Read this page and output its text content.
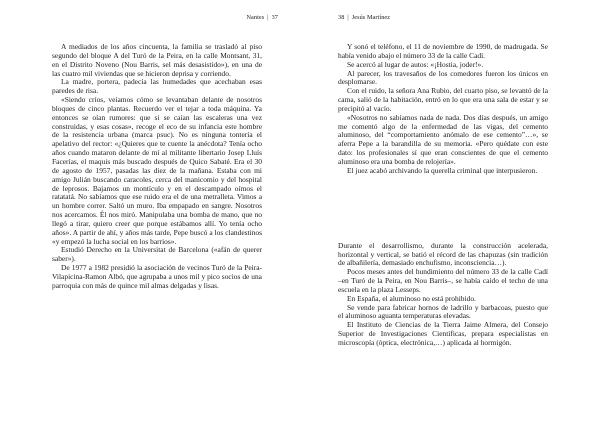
Nantes | 37

A mediados de los años cincuenta, la familia se trasladó al piso segundo del bloque A del Turó de la Peira, en la calle Montsant, 31, en el Distrito Noveno (Nou Barris, sel más desasistido»), en una de las cuatro mil viviendas que se hicieron deprisa y corriendo.

La madre, portera, padecía las humedades que acechaban esas paredes de risa.

«Siendo críos, veíamos cómo se levantaban delante de nosotros bloques de cinco plantas. Recuerdo ver el tejar a toda máquina. Ya entonces se oían rumores: que si se caían las escaleras una vez construidas, y esas cosas», recoge el eco de su infancia este hombre de la resistencia urbana (marca psuc). No es ninguna tontería el apelativo del rector: «¿Quieres que te cuente la anécdota? Tenía ocho años cuando mataron delante de mí al militante libertario Josep Lluís Facerías, el maquis más buscado después de Quico Sabaté. Era el 30 de agosto de 1957, pasadas las diez de la mañana. Estaba con mi amigo Julián buscando caracoles, cerca del manicomio y del hospital de leprosos. Bajamos un montículo y en el descampado oímos el ratatatá. No sabíamos que ese ruido era el de una metralleta. Vimos a un hombre correr. Saltó un muro. Iba empapado en sangre. Nosotros nos acercamos. Él nos miró. Manipulaba una bomba de mano, que no llegó a tirar, quiero creer que porque estábamos allí. Yo tenía ocho años». A partir de ahí, y años más tarde, Pepe buscó a los clandestinos «y empezó la lucha social en los barrios».

Estudió Derecho en la Universitat de Barcelona («afán de querer saber»).

De 1977 a 1982 presidió la asociación de vecinos Turó de la Peira-Vilapicina-Ramon Albó, que agrupaba a unos mil y pico socios de una parroquia con más de quince mil almas delgadas y lisas.

38 | Jesús Martínez

Y sonó el teléfono, el 11 de noviembre de 1990, de madrugada. Se había venido abajo el número 33 de la calle Cadí.

Se acercó al lugar de autos: «¡Hostia, joder!».

Al parecer, los travesaños de los comedores fueron los únicos en desplomarse.

Con el ruido, la señora Ana Rubio, del cuarto piso, se levantó de la cama, salió de la habitación, entró en lo que era una sala de estar y se precipitó al vacío.

«Nosotros no sabíamos nada de nada. Dos días después, un amigo me comentó algo de la enfermedad de las vigas, del cemento aluminoso, del “comportamiento anómalo de ese cemento”…», se aferra Pepe a la barandilla de su memoria. «Pero quédate con este dato: los profesionales sí que eran conscientes de que el cemento aluminoso era una bomba de relojería».

El juez acabó archivando la querella criminal que interpusieron.

Durante el desarrollismo, durante la construcción acelerada, horizontal y vertical, se batió el récord de las chapuzas (sin tradición de albañilería, demasiado enchufismo, inconsciencia…).

Pocos meses antes del hundimiento del número 33 de la calle Cadí –en Turó de la Peira, en Nou Barris–, se había caído el techo de una escuela en la plaza Lesseps.

En España, el aluminoso no está prohibido.

Se vende para fabricar hornos de ladrillo y barbacoas, puesto que el aluminoso aguanta temperaturas elevadas.

El Instituto de Ciencias de la Tierra Jaime Almera, del Consejo Superior de Investigaciones Científicas, prepara especialistas en microscopía (óptica, electrónica,…) aplicada al hormigón.
